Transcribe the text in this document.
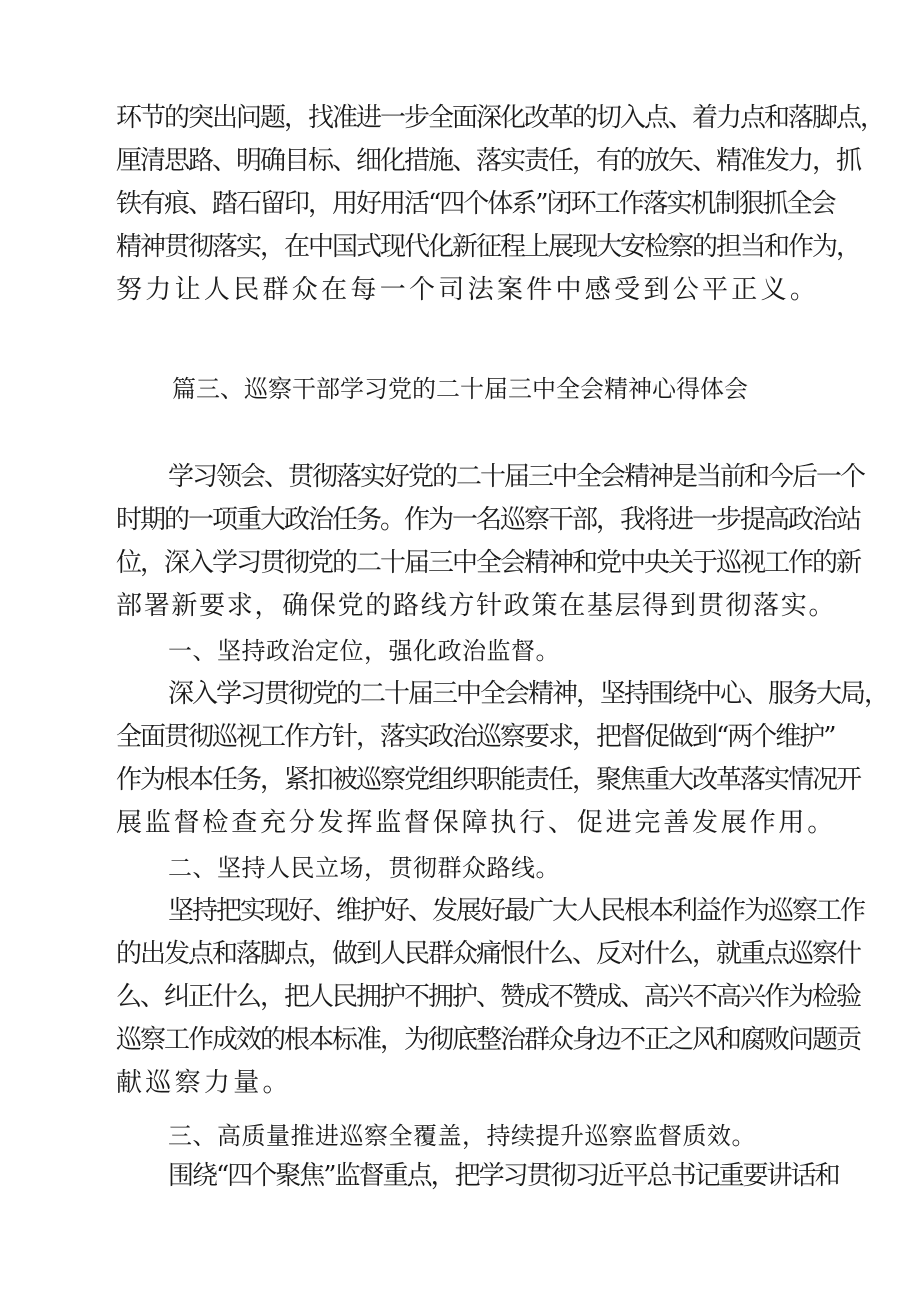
环节的突出问题，找准进一步全面深化改革的切入点、着力点和落脚点，
厘清思路、明确目标、细化措施、落实责任，有的放矢、精准发力，抓
铁有痕、踏石留印，用好用活“四个体系”闭环工作落实机制狠抓全会
精神贯彻落实，在中国式现代化新征程上展现大安检察的担当和作为，
努力让人民群众在每一个司法案件中感受到公平正义。
篇三、巡察干部学习党的二十届三中全会精神心得体会
学习领会、贯彻落实好党的二十届三中全会精神是当前和今后一个
时期的一项重大政治任务。作为一名巡察干部，我将进一步提高政治站
位，深入学习贯彻党的二十届三中全会精神和党中央关于巡视工作的新
部署新要求，确保党的路线方针政策在基层得到贯彻落实。
一、坚持政治定位，强化政治监督。
深入学习贯彻党的二十届三中全会精神，坚持围绕中心、服务大局，
全面贯彻巡视工作方针，落实政治巡察要求，把督促做到“两个维护”
作为根本任务，紧扣被巡察党组织职能责任，聚焦重大改革落实情况开
展监督检查充分发挥监督保障执行、促进完善发展作用。
二、坚持人民立场，贯彻群众路线。
坚持把实现好、维护好、发展好最广大人民根本利益作为巡察工作
的出发点和落脚点，做到人民群众痛恨什么、反对什么，就重点巡察什
么、纠正什么，把人民拥护不拥护、赞成不赞成、高兴不高兴作为检验
巡察工作成效的根本标准，为彻底整治群众身边不正之风和腐败问题贡
献巡察力量。
三、高质量推进巡察全覆盖，持续提升巡察监督质效。
围绕“四个聚焦”监督重点，把学习贯彻习近平总书记重要讲话和
